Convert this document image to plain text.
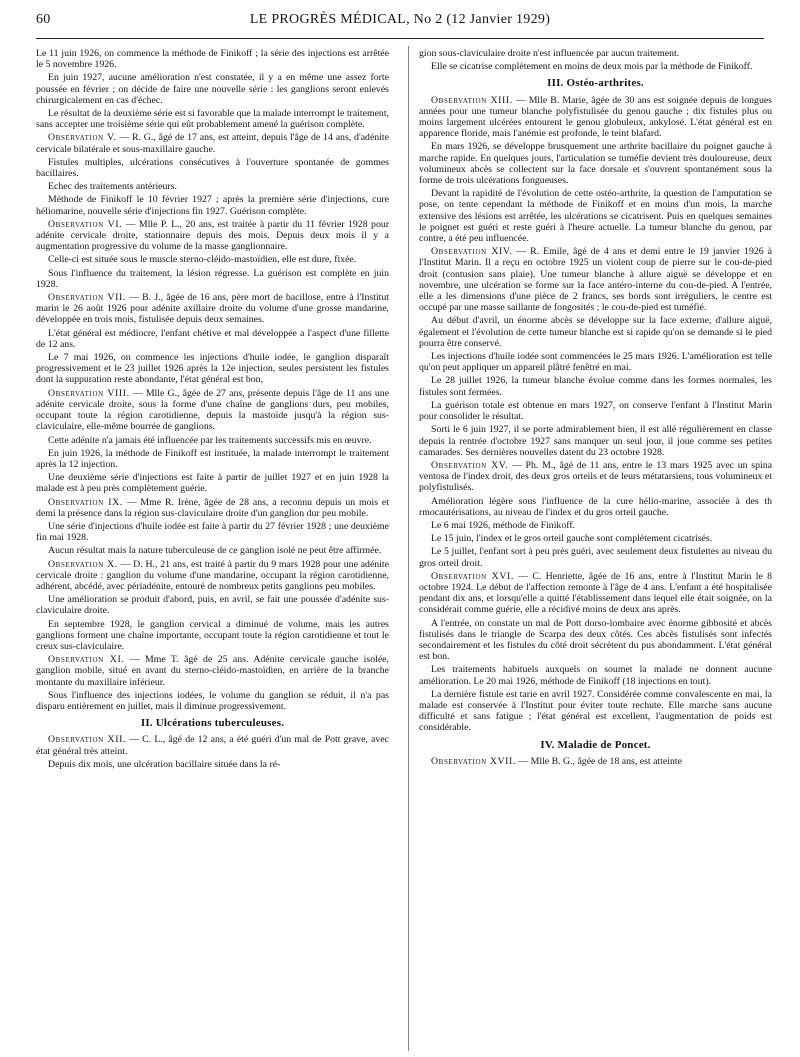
60	LE PROGRÈS MÉDICAL, No 2 (12 Janvier 1929)

Le 11 juin 1926, on commence la méthode de Finikoff ; la série des injections est arrêtée le 5 novembre 1926.

En juin 1927, aucune amélioration n'est constatée, il y a en même une assez forte poussée en février ; on décide de faire une nouvelle série : les ganglions seront enlevés chirurgicalement en cas d'échec.

Le résultat de la deuxième série est si favorable que la malade interrompt le traitement, sans accepter une troisième série qui eût probablement amené la guérison complète.

Observation V. — R. G., âgé de 17 ans, est atteint, depuis l'âge de 14 ans, d'adénite cervicale bilatérale et sous-maxillaire gauche.

Fistules multiples, ulcérations consécutives à l'ouverture spontanée de gommes bacillaires.

Echec des traitements antérieurs.

Méthode de Finikoff le 10 février 1927 ; après la première série d'injections, cure héliomarine, nouvelle série d'injections fin 1927. Guérison complète.

Observation VI. — Mlle P. L., 20 ans, est traitée à partir du 11 février 1928 pour adénite cervicale droite, stationnaire depuis des mois. Depuis deux mois il y a augmentation progressive du volume de la masse ganglionnaire.

Celle-ci est située sous le muscle sterno-cléido-mastoïdien, elle est dure, fixée.

Sous l'influence du traitement, la lésion régresse. La guérison est complète en juin 1928.

Observation VII. — B. J., âgée de 16 ans, père mort de bacillose, entre à l'Institut marin le 26 août 1926 pour adénite axillaire droite du volume d'une grosse mandarine, développée en trois mois, fistulisée depuis deux semaines.

L'état général est médiocre, l'enfant chétive et mal développée a l'aspect d'une fillette de 12 ans.

Le 7 mai 1926, on commence les injections d'huile iodée, le ganglion disparaît progressivement et le 23 juillet 1926 après la 12e injection, seules persistent les fistules dont la suppuration reste abondante, l'état général est bon,

Observation VIII. — Mlle G., âgée de 27 ans, présente depuis l'âge de 11 ans une adénite cervicale droite, sous la forme d'une chaîne de ganglions durs, peu mobiles, occupant toute la région carotidienne, depuis la mastoïde jusqu'à la région sus-claviculaire, elle-même bourrée de ganglions.

Cette adénite n'a jamais été influencée par les traitements successifs mis en œuvre.

En juin 1926, la méthode de Finikoff est instituée, la malade interrompt le traitement après la 12 injection.

Une deuxième série d'injections est faite à partir de juillet 1927 et en juin 1928 la malade est à peu près complètement guérie.

Observation IX. — Mme R. Irène, âgée de 28 ans, a reconnu depuis un mois et demi la présence dans la région sus-claviculaire droite d'un ganglion dur peu mobile.

Une série d'injections d'huile iodée est faite à partir du 27 février 1928 ; une deuxième fin mai 1928.

Aucun résultat mais la nature tuberculeuse de ce ganglion isolé ne peut être affirmée.

Observation X. — D. H., 21 ans, est traité à partir du 9 mars 1928 pour une adénite cervicale droite : ganglion du volume d'une mandarine, occupant la région carotidienne, adhérent, abcédé, avec périadénite, entouré de nombreux petits ganglions peu mobiles.

Une amélioration se produit d'abord, puis, en avril, se fait une poussée d'adénite sus-claviculaire droite.

En septembre 1928, le ganglion cervical a diminué de volume, mais les autres ganglions forment une chaîne importante, occupant toute la région carotidienne et tout le creux sus-claviculaire.

Observation XI. — Mme T. âgé de 25 ans. Adénite cervicale gauche isolée, ganglion mobile, situé en avant du sterno-cléido-mastoïdien, en arrière de la branche montante du maxillaire inférieur.

Sous l'influence des injections iodées, le volume du ganglion se réduit, il n'a pas disparu entièrement en juillet, mais il diminue progressivement.

II. Ulcérations tuberculeuses.

Observation XII. — C. L., âgé de 12 ans, a été guéri d'un mal de Pott grave, avec état général très atteint.

Depuis dix mois, une ulcération bacillaire située dans la ré-

gion sous-claviculaire droite n'est influencée par aucun traitement.

Elle se cicatrise complètement en moins de deux mois par la méthode de Finikoff.

III. Ostéo-arthrites.

Observation XIII. — Mlle B. Marie, âgée de 30 ans est soignée depuis de longues années pour une tumeur blanche polyfistulisée du genou gauche ; dix fistules plus ou moins largement ulcérées entourent le genou globuleux, ankylosé. L'état général est en apparence floride, mais l'anémie est profonde, le teint blafard.

En mars 1926, se développe brusquement une arthrite bacillaire du poignet gauche à marche rapide. En quelques jours, l'articulation se tuméfie devient très douloureuse, deux volumineux abcès se collectent sur la face dorsale et s'ouvrent spontanément sous la forme de trois ulcérations fongueuses.

Devant la rapidité de l'évolution de cette ostéo-arthrite, la question de l'amputation se pose, on tente cependant la méthode de Finikoff et en moins d'un mois, la marche extensive des lésions est arrêtée, les ulcérations se cicatrisent. Puis en quelques semaines le poignet est guéri et reste guéri à l'heure actuelle. La tumeur blanche du genou, par contre, a été peu influencée.

Observation XIV. — R. Emile, âgé de 4 ans et demi entre le 19 janvier 1926 à l'Institut Marin. Il a reçu en octobre 1925 un violent coup de pierre sur le cou-de-pied droit (contusion sans plaie). Une tumeur blanche à allure aiguë se développe et en novembre, une ulcération se forme sur la face antéro-interne du cou-de-pied. A l'entrée, elle a les dimensions d'une pièce de 2 francs, ses bords sont irréguliers, le centre est occupé par une masse saillante de fongosités ; le cou-de-pied est tuméfié.

Au début d'avril, un énorme abcès se développe sur la face externe, d'allure aiguë, également et l'évolution de cette tumeur blanche est si rapide qu'on se demande si le pied pourra être conservé.

Les injections d'huile iodée sont commencées le 25 mars 1926. L'amélioration est telle qu'on peut appliquer un appareil plâtré fenêtré en mai.

Le 28 juillet 1926, la tumeur blanche évolue comme dans les formes normales, les fistules sont fermées.

La guérison totale est obtenue en mars 1927, on conserve l'enfant à l'Institut Marin pour consolider le résultat.

Sorti le 6 juin 1927, il se porte admirablement bien, il est allé régulièrement en classe depuis la rentrée d'octobre 1927 sans manquer un seul jour, il joue comme ses petites camarades. Ses dernières nouvelles datent du 23 octobre 1928.

Observation XV. — Ph. M., âgé de 11 ans, entre le 13 mars 1925 avec un spina ventosa de l'index droit, des deux gros orteils et de leurs métatarsiens, tous volumineux et polyfistulisés.

Amélioration légère sous l'influence de la cure hélio-marine, associée à des th rmocautérisations, au niveau de l'index et du gros orteil gauche.

Le 6 mai 1926, méthode de Finikoff.

Le 15 juin, l'index et le gros orteil gauche sont complètement cicatrisés.

Le 5 juillet, l'enfant sort à peu près guéri, avec seulement deux fistulettes au niveau du gros orteil droit.

Observation XVI. — C. Henriette, âgée de 16 ans, entre à l'Institut Marin le 8 octobre 1924. Le début de l'affection remonte à l'âge de 4 ans. L'enfant a été hospitalisée pendant dix ans, et lorsqu'elle a quitté l'établissement dans lequel elle était soignée, on la considérait comme guérie, elle a récidivé moins de deux ans après.

A l'entrée, on constate un mal de Pott dorso-lombaire avec énorme gibbosité et abcès fistulisés dans le triangle de Scarpa des deux côtés. Ces abcès fistulisés sont infectés secondairement et les fistules du côté droit sécrètent du pus abondamment. L'état général est bon.

Les traitements habituels auxquels on soumet la malade ne donnent aucune amélioration. Le 20 mai 1926, méthode de Finikoff (18 injections en tout).

La dernière fistule est tarie en avril 1927. Considérée comme convalescente en mai, la malade est conservée à l'Institut pour éviter toute rechute. Elle marche sans aucune difficulté et sans fatigue ; l'état général est excellent, l'augmentation de poids est considérable.

IV. Maladie de Poncet.

Observation XVII. — Mlle B. G., âgée de 18 ans, est atteinte
